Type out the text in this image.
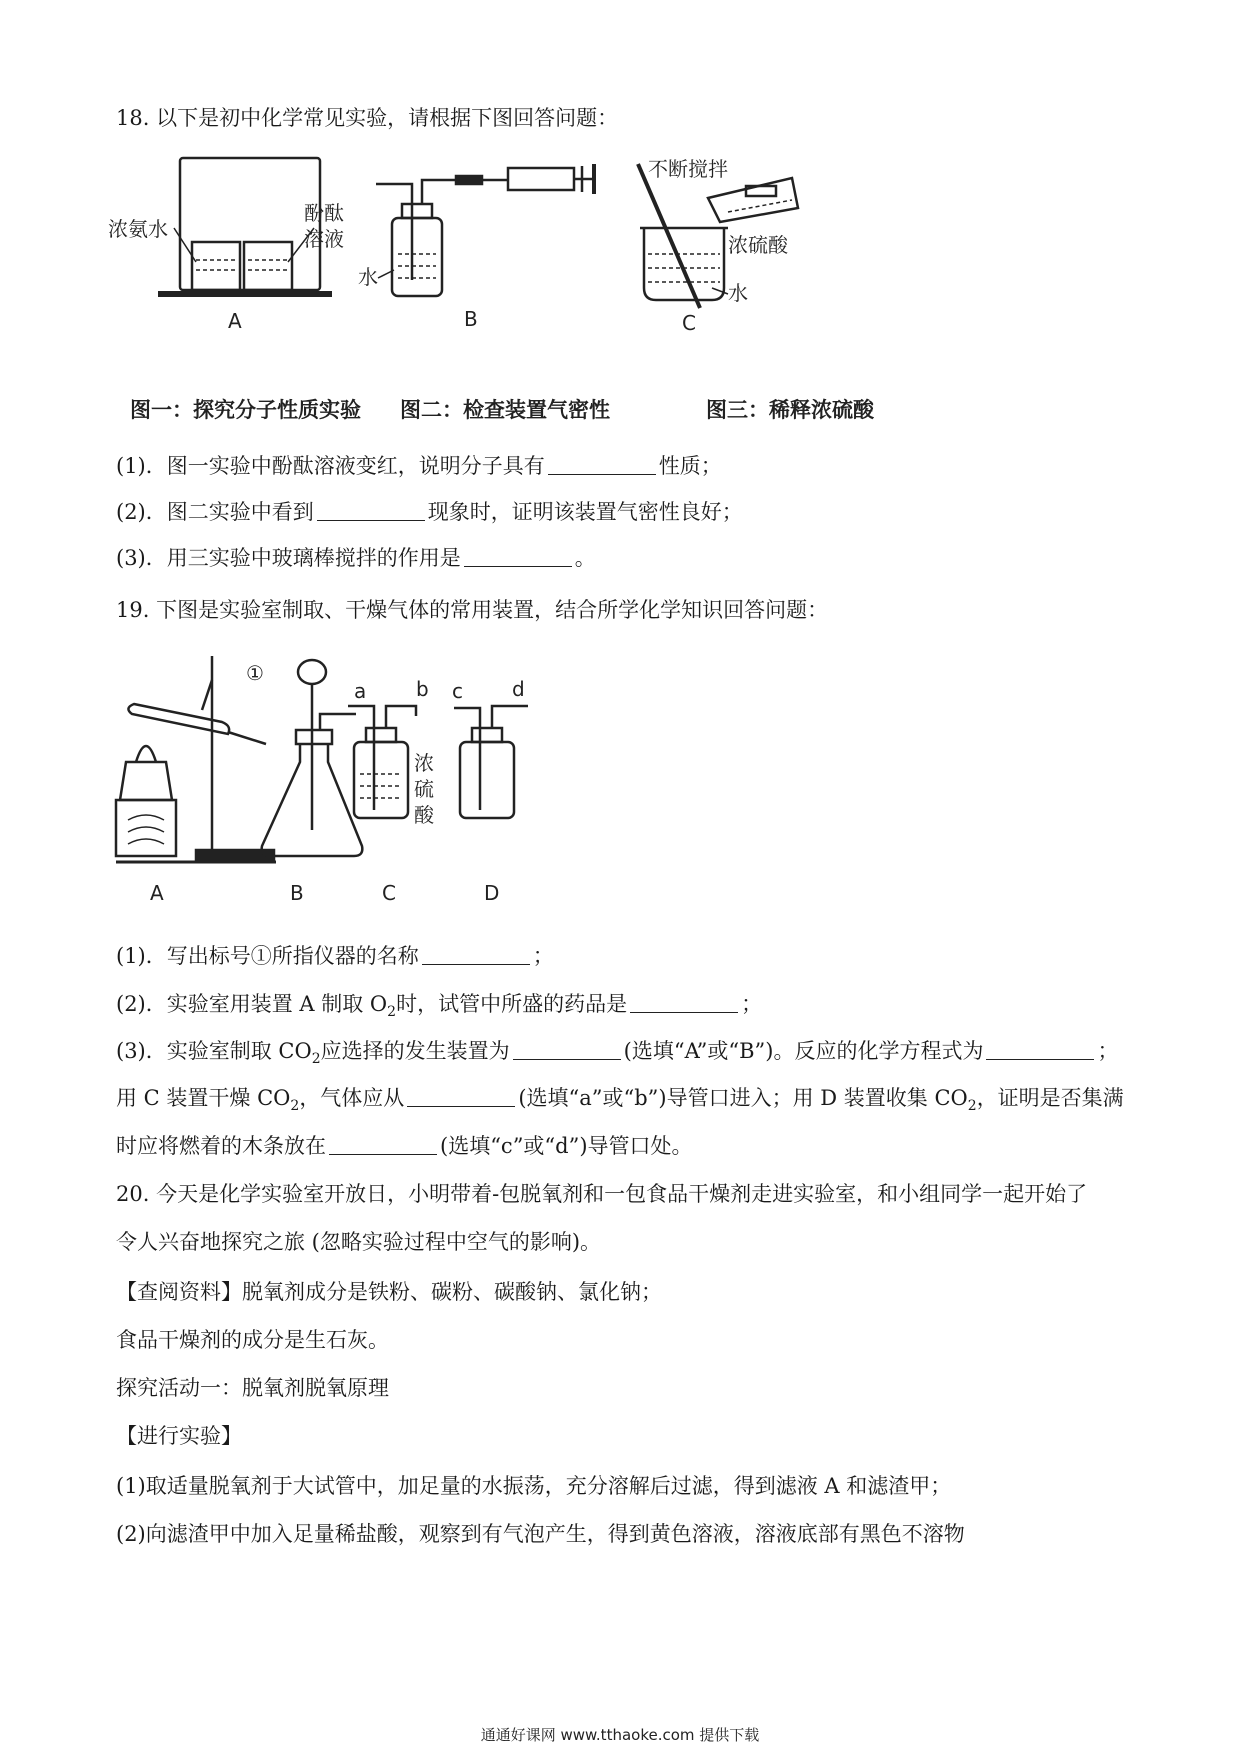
18. 以下是初中化学常见实验，请根据下图回答问题：
浓氨水
酚酞
溶液
A
水
B
不断搅拌
浓硫酸
水
C
图一：探究分子性质实验 图二：检查装置气密性	图三：稀释浓硫酸
(1)．图一实验中酚酞溶液变红，说明分子具有	性质；
(2)．图二实验中看到	现象时，证明该装置气密性良好；
(3)．用三实验中玻璃棒搅拌的作用是	。
19. 下图是实验室制取、干燥气体的常用装置，结合所学化学知识回答问题：
①
a b
浓
硫
酸
c d
A	B	C	D
(1)．写出标号①所指仪器的名称	；
(2)．实验室用装置 A 制取 $O_2$时，试管中所盛的药品是	；
(3)．实验室制取 $CO_2$应选择的发生装置为	(选填“A”或“B”)。反应的化学方程式为	；
用 C 装置干燥 $CO_2$，气体应从	(选填“a”或“b”)导管口进入；用 D 装置收集 $CO_2$，证明是否集满
时应将燃着的木条放在	(选填“c”或“d”)导管口处。
20. 今天是化学实验室开放日，小明带着-包脱氧剂和一包食品干燥剂走进实验室，和小组同学一起开始了
令人兴奋地探究之旅 (忽略实验过程中空气的影响)。
【查阅资料】脱氧剂成分是铁粉、碳粉、碳酸钠、氯化钠；
食品干燥剂的成分是生石灰。
探究活动一：脱氧剂脱氧原理
【进行实验】
(1)取适量脱氧剂于大试管中，加足量的水振荡，充分溶解后过滤，得到滤液 A 和滤渣甲；
(2)向滤渣甲中加入足量稀盐酸，观察到有气泡产生，得到黄色溶液，溶液底部有黑色不溶物
通通好课网 www.tthaoke.com 提供下载
